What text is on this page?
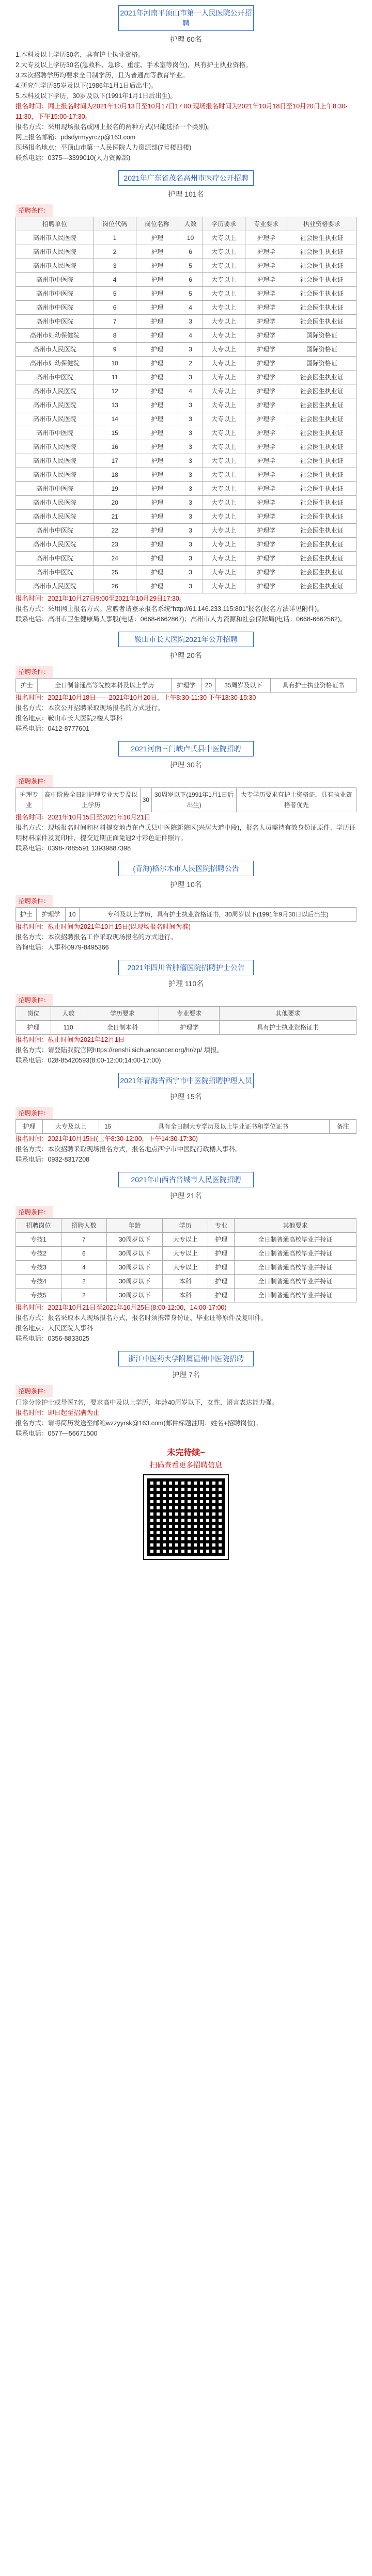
2021年河南平顶山市第一人民医院公开招聘
护理 60名
1.本科及以上学历30名，具有护士执业资格。
2.大专及以上学历30名(急救科、急诊、重症、手术室等岗位)，具有护士执业资格。
3.本次招聘学历均要求全日制学历，且为普通高等教育毕业。
4.研究生学历35岁及以下(1986年1月1日后出生)。
5.本科及以下学历，30岁及以下(1991年1月1日后出生)。
报名时间：网上报名时间为2021年10月13日至10月17日17:00;现场报名时间为2021年10月18日至10月20日上午8:30-11:30，下午15:00-17:30。
报名方式：采用现场报名或网上报名的两种方式(只能选择一个类别)。
网上报名邮箱：pdsdyrmyyrczp@163.com
现场报名地点：平顶山市第一人民医院人力资源部(7号楼四楼)
联系电话：0375—3399010(人力资源部)
2021年广东省茂名高州市医疗公开招聘
护理 101名
招聘条件：
招聘单位	岗位代码	岗位名称	人数	学历要求	专业要求	执业资格要求
高州市人民医院	1	护理	10	大专以上	护理学	社会医生执业证
高州市人民医院	2	护理	6	大专以上	护理学	社会医生执业证
高州市人民医院	3	护理	5	大专以上	护理学	社会医生执业证
高州市中医院	4	护理	6	大专以上	护理学	社会医生执业证
高州市中医院	5	护理	5	大专以上	护理学	社会医生执业证
高州市中医院	6	护理	4	大专以上	护理学	社会医生执业证
高州市中医院	7	护理	3	大专以上	护理学	社会医生执业证
高州市妇幼保健院	8	护理	4	大专以上	护理学	国际资格证
高州市人民医院	9	护理	3	大专以上	护理学	国际资格证
高州市妇幼保健院	10	护理	2	大专以上	护理学	国际资格证
高州市中医院	11	护理	3	大专以上	护理学	社会医生执业证
高州市人民医院	12	护理	4	大专以上	护理学	社会医生执业证
高州市人民医院	13	护理	3	大专以上	护理学	社会医生执业证
高州市人民医院	14	护理	3	大专以上	护理学	社会医生执业证
高州市中医院	15	护理	3	大专以上	护理学	社会医生执业证
高州市人民医院	16	护理	3	大专以上	护理学	社会医生执业证
高州市人民医院	17	护理	3	大专以上	护理学	社会医生执业证
高州市人民医院	18	护理	3	大专以上	护理学	社会医生执业证
高州市中医院	19	护理	3	大专以上	护理学	社会医生执业证
高州市人民医院	20	护理	3	大专以上	护理学	社会医生执业证
高州市人民医院	21	护理	3	大专以上	护理学	社会医生执业证
高州市中医院	22	护理	3	大专以上	护理学	社会医生执业证
高州市人民医院	23	护理	3	大专以上	护理学	社会医生执业证
高州市中医院	24	护理	3	大专以上	护理学	社会医生执业证
高州市中医院	25	护理	3	大专以上	护理学	社会医生执业证
高州市人民医院	26	护理	3	大专以上	护理学	社会医生执业证
报名时间：2021年10月27日9:00至2021年10月29日17:30。
报名方式：采用网上报名方式。应聘者请登录报名系统“http://61.146.233.115:801”报名(报名方法详见附件)。
联系电话：高州市卫生健康局人事股(电话：0668-6662867)；高州市人力资源和社会保障局(电话：0668-6662562)。
鞍山市长大医院2021年公开招聘
护理 20名
招聘条件：
护士	全日制普通高等院校本科及以上学历	护理学	20	35周岁及以下	具有护士执业资格证书
报名时间：2021年10月18日——2021年10月20日，上午8:30-11:30 下午13:30-15:30
报名方式：本次公开招聘采取现场报名的方式进行。
报名地点：鞍山市长大医院2楼人事科
联系电话：0412-8777601
2021河南三门峡卢氏县中医院招聘
护理 30名
招聘条件：
护理专业	高中阶段全日制护理专业大专及以上学历	30	30周岁以下(1991年1月1日后出生)	大专学历要求有护士资格证，具有执业资格者优先
报名时间：2021年10月15日至2021年10月21日
报名方式：现场报名时间和材料提交地点在卢氏县中医院新院区(兴居大道中段)，报名人员需持有效身份证原件、学历证明材料原件及复印件，提交近期正面免冠2寸彩色证件照片。
联系电话：0398-7885591 13939887398
(青海)格尔木市人民医院招聘公告
护理 10名
招聘条件：
护士	护理学	10	专科及以上学历，具有护士执业资格证书，30周岁以下(1991年9月30日以后出生)
报名时间：截止时间为2021年10月15日(以现场报名时间为准)
报名方式：本次招聘报名工作采取现场报名的方式进行。
咨询电话：人事科0979-8495366
2021年四川省肿瘤医院招聘护士公告
护理 110名
招聘条件：
岗位	人数	学历要求	专业要求	其他要求
护理	110	全日制本科	护理学	具有护士执业资格证书
报名时间：截止时间为2021年12月1日
报名方式：请登陆我院官网https://renshi.sichuancancer.org/hr/zp/ 填报。
联系电话：028-85420593(8:00-12:00;14:00-17:00)
2021年青海省西宁市中医院招聘护理人员
护理 15名
招聘条件：
护理	大专及以上	15	具有全日制大专学历及以上毕业证书和学位证书	备注
报名时间：2021年10月15日(上午8:30-12:00，下午14:30-17:30)
报名方式：本次招聘采取现场报名方式，报名地点西宁市中医院行政楼人事科。
联系电话：0932-8317208
2021年山西省晋城市人民医院招聘
护理 21名
招聘条件：
招聘岗位	招聘人数	年龄	学历	专业	其他要求
专技1	7	30周岁以下	大专以上	护理	全日制普通高校毕业并持证
专技2	6	30周岁以下	大专以上	护理	全日制普通高校毕业并持证
专技3	4	30周岁以下	大专以上	护理	全日制普通高校毕业并持证
专技4	2	30周岁以下	本科	护理	全日制普通高校毕业并持证
专技5	2	30周岁以下	本科	护理	全日制普通高校毕业并持证
报名时间：2021年10月21日至2021年10月25日(8:00-12:00，14:00-17:00)
报名方式：报名采取本人现场报名方式，报名时须携带身份证、毕业证等原件及复印件。
报名地点：人民医院人事科
联系电话：0356-8833025
浙江中医药大学附属温州中医院招聘
护理 7名
招聘条件：
门诊分诊护士或导医7名，要求高中及以上学历，年龄40周岁以下，女性，语言表达能力强。
报名时间：即日起至招满为止
报名方式：请将简历发送至邮箱wzzyyrsk@163.com(邮件标题注明：姓名+招聘岗位)。
联系电话：0577—56671500
未完待续~
扫码查看更多招聘信息
